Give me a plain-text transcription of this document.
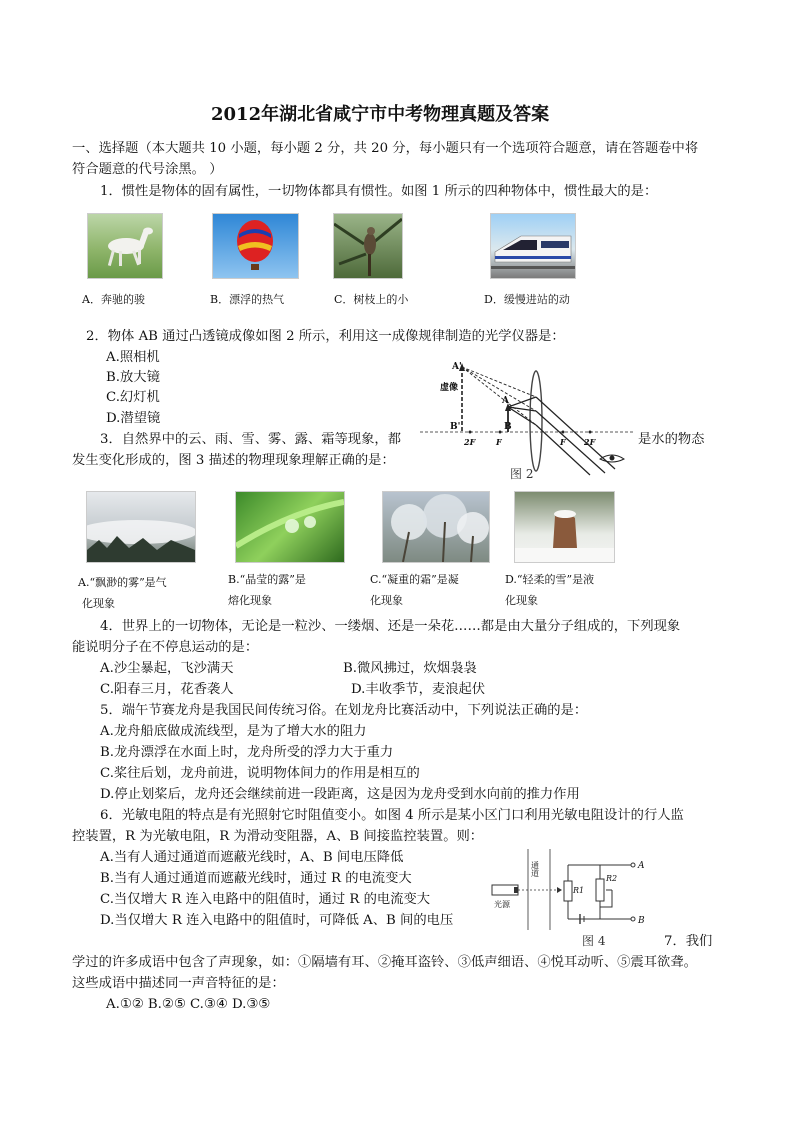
2012年湖北省咸宁市中考物理真题及答案
一、选择题（本大题共 10 小题，每小题 2 分，共 20 分，每小题只有一个选项符合题意，请在答题卷中将
符合题意的代号涂黑。 ）
1．惯性是物体的固有属性，一切物体都具有惯性。如图 1 所示的四种物体中，惯性最大的是：
A．奔驰的骏	B．漂浮的热气	C．树枝上的小	D．缓慢进站的动
2．物体 AB 通过凸透镜成像如图 2 所示，利用这一成像规律制造的光学仪器是：
A.照相机
B.放大镜
C.幻灯机
D.潜望镜
虚像
A'
B'
A
B
2F	F	F 2F
图 2
3．自然界中的云、雨、雪、雾、露、霜等现象，都	是水的物态
发生变化形成的，图 3 描述的物理现象理解正确的是：
A.“飘渺的雾”是气
化现象
B.“晶莹的露”是
熔化现象
C.“凝重的霜”是凝
化现象
D.“轻柔的雪”是液
化现象
4．世界上的一切物体，无论是一粒沙、一缕烟、还是一朵花……都是由大量分子组成的，下列现象
能说明分子在不停息运动的是：
A.沙尘暴起，飞沙满天	B.微风拂过，炊烟袅袅
C.阳春三月，花香袭人	D.丰收季节，麦浪起伏
5．端午节赛龙舟是我国民间传统习俗。在划龙舟比赛活动中，下列说法正确的是：
A.龙舟船底做成流线型，是为了增大水的阻力
B.龙舟漂浮在水面上时，龙舟所受的浮力大于重力
C.桨往后划，龙舟前进，说明物体间力的作用是相互的
D.停止划桨后，龙舟还会继续前进一段距离，这是因为龙舟受到水向前的推力作用
6．光敏电阻的特点是有光照射它时阻值变小。如图 4 所示是某小区门口利用光敏电阻设计的行人监
控装置，R 为光敏电阻，R 为滑动变阻器，A、B 间接监控装置。则：
A.当有人通过通道而遮蔽光线时，A、B 间电压降低
B.当有人通过通道而遮蔽光线时，通过 R 的电流变大
C.当仅增大 R 连入电路中的阻值时，通过 R 的电流变大
D.当仅增大 R 连入电路中的阻值时，可降低 A、B 间的电压
通道
光源
R1
R2
A
B
图 4	7．我们
学过的许多成语中包含了声现象，如：①隔墙有耳、②掩耳盗铃、③低声细语、④悦耳动听、⑤震耳欲聋。
这些成语中描述同一声音特征的是：
A.①② B.②⑤ C.③④ D.③⑤
